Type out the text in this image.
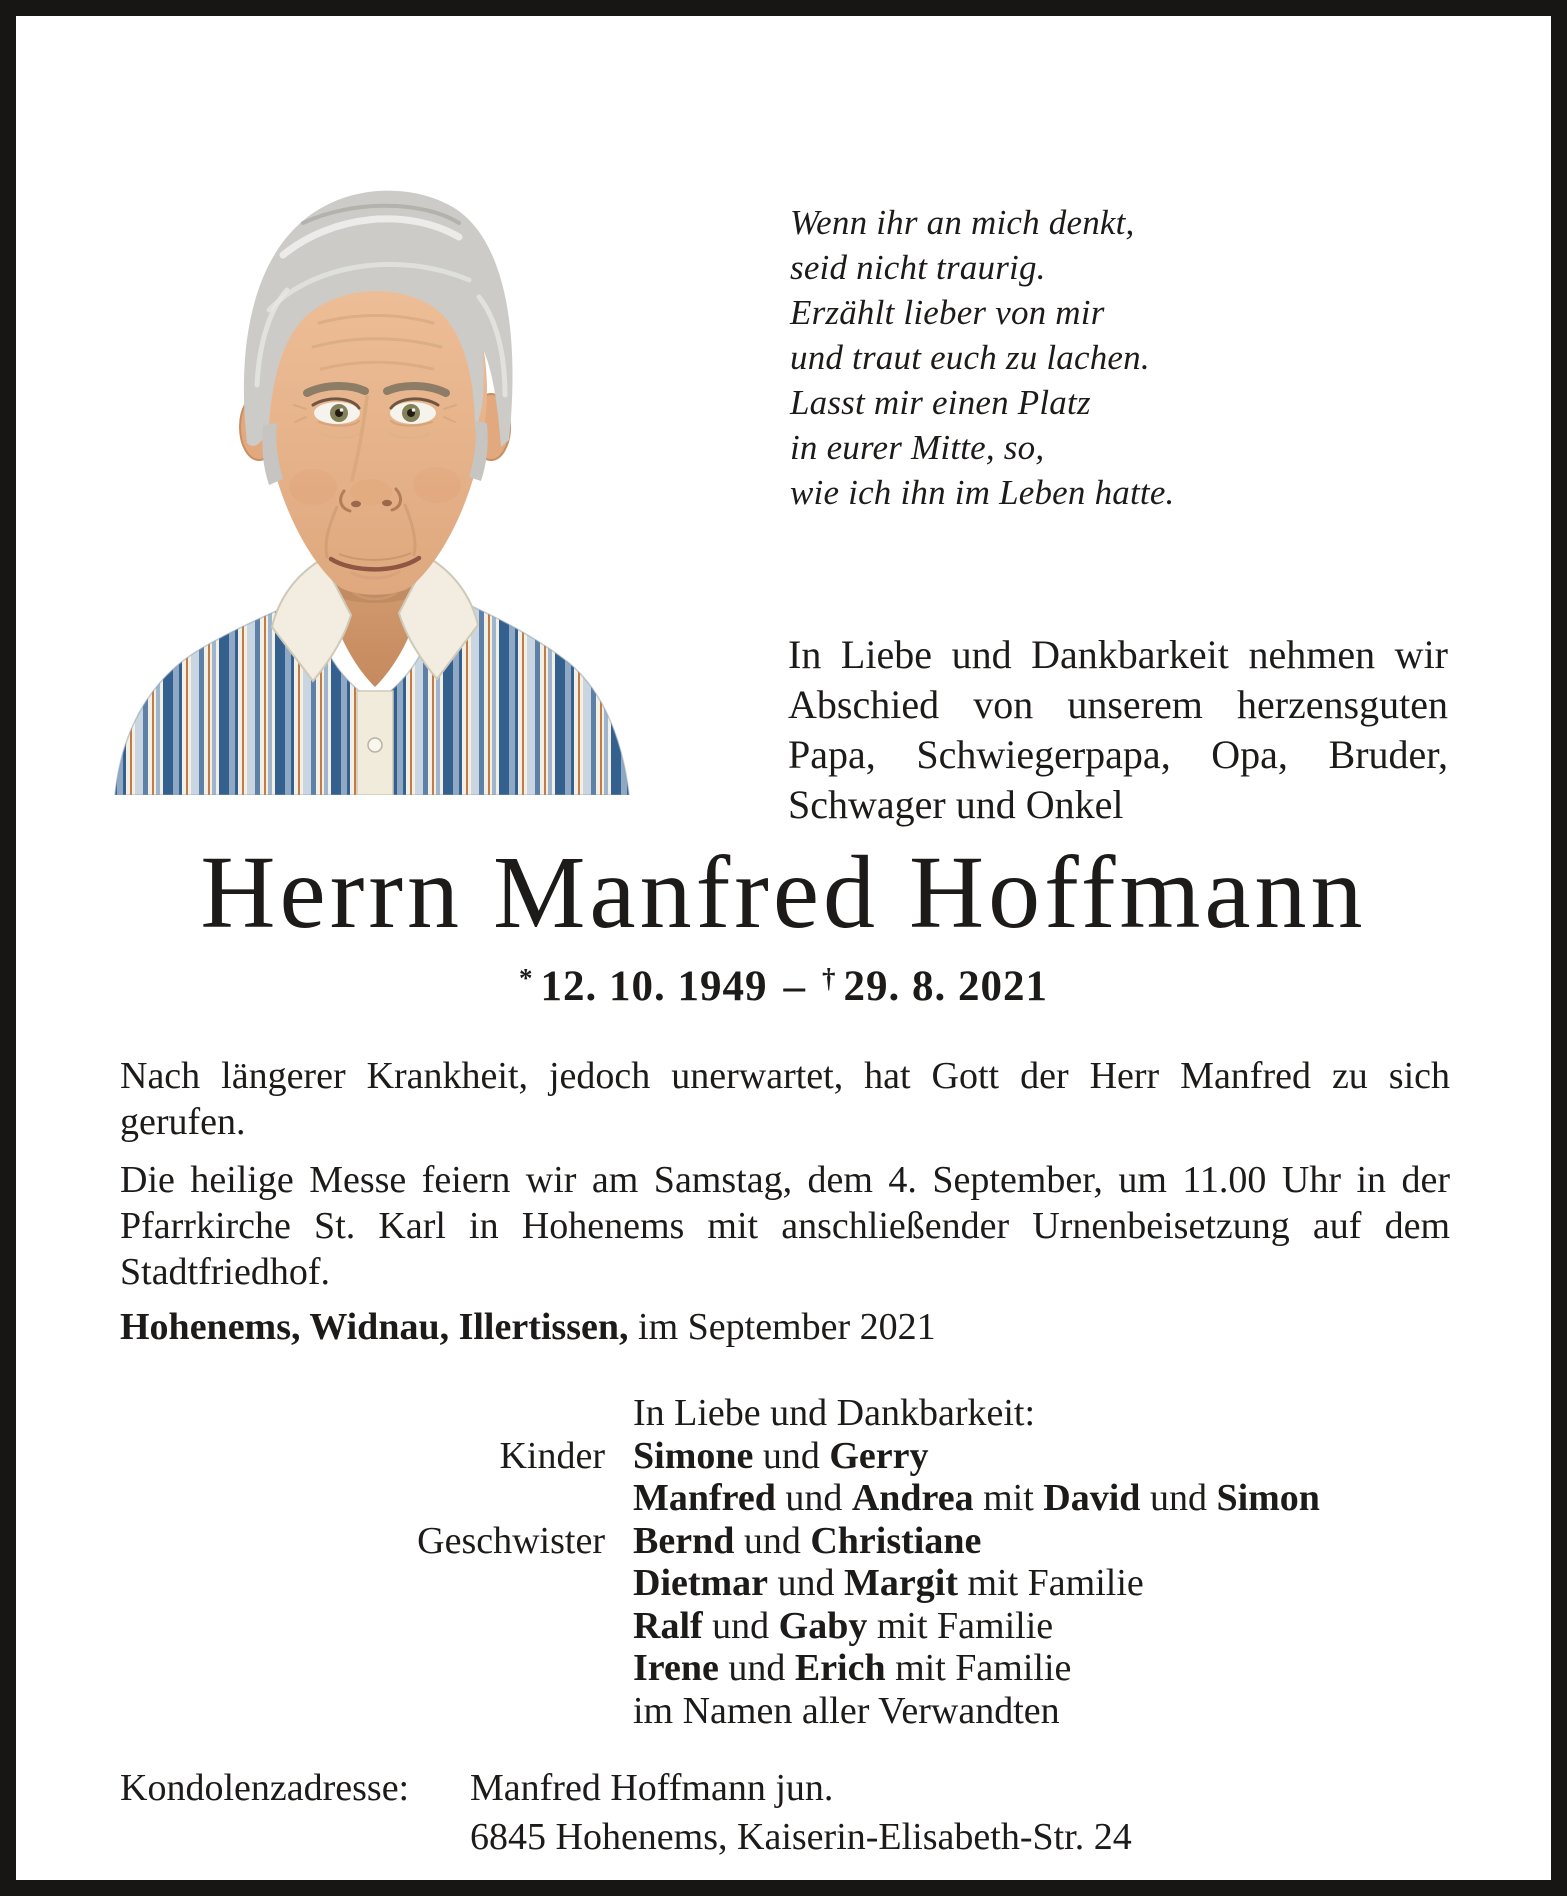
Wenn ihr an mich denkt,
seid nicht traurig.
Erzählt lieber von mir
und traut euch zu lachen.
Lasst mir einen Platz
in eurer Mitte, so,
wie ich ihn im Leben hatte.
In Liebe und Dankbarkeit nehmen wir Abschied von unserem herzensguten Papa, Schwiegerpapa, Opa, Bruder, Schwager und Onkel
Herrn Manfred Hoffmann
* 12. 10. 1949 – † 29. 8. 2021
Nach längerer Krankheit, jedoch unerwartet, hat Gott der Herr Manfred zu sich gerufen.
Die heilige Messe feiern wir am Samstag, dem 4. September, um 11.00 Uhr in der Pfarrkirche St. Karl in Hohenems mit anschließender Urnenbeisetzung auf dem Stadtfriedhof.
Hohenems, Widnau, Illertissen, im September 2021
In Liebe und Dankbarkeit:
Kinder Simone und Gerry
Manfred und Andrea mit David und Simon
Geschwister Bernd und Christiane
Dietmar und Margit mit Familie
Ralf und Gaby mit Familie
Irene und Erich mit Familie
im Namen aller Verwandten
Kondolenzadresse:	Manfred Hoffmann jun.
6845 Hohenems, Kaiserin-Elisabeth-Str. 24
